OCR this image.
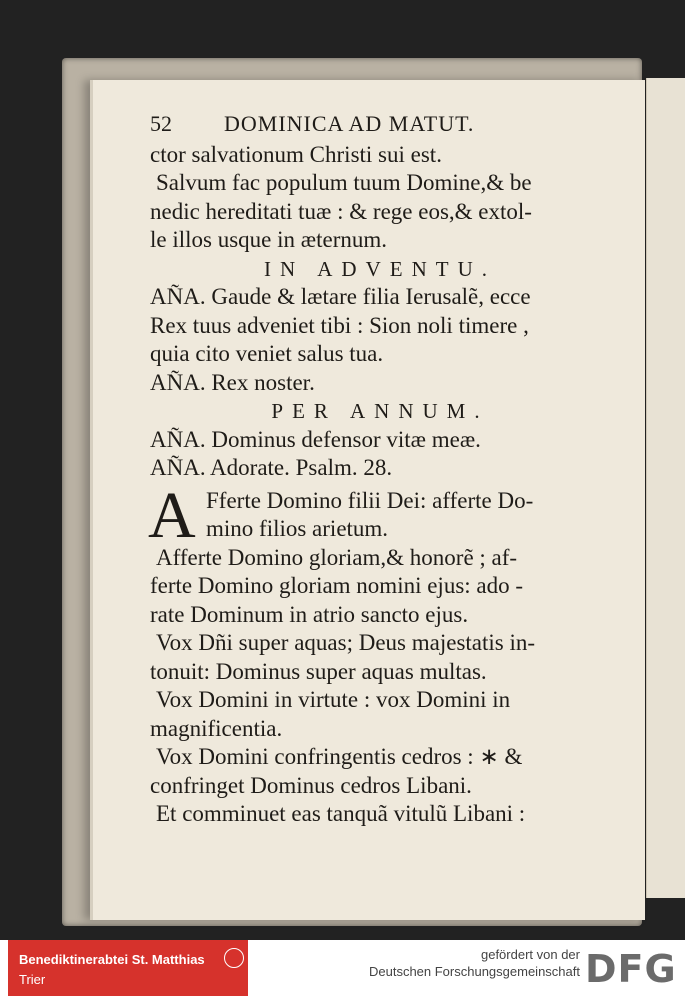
52	DOMINICA AD MATUT.
ctor salvationum Christi sui est.
Salvum fac populum tuum Domine,& be
nedic hereditati tuæ : & rege eos,& extol-
le illos usque in æternum.
IN ADVENTU.
AÑA. Gaude & lætare filia Ierusalẽ, ecce
Rex tuus adveniet tibi : Sion noli timere ,
quia cito veniet salus tua.
AÑA. Rex noster.
PER ANNUM.
AÑA. Dominus defensor vitæ meæ.
AÑA. Adorate. Psalm. 28.
A Fferte Domino filii Dei: afferte Do-
mino filios arietum.
Afferte Domino gloriam,& honorẽ ; af-
ferte Domino gloriam nomini ejus: ado -
rate Dominum in atrio sancto ejus.
Vox Dñi super aquas; Deus majestatis in-
tonuit: Dominus super aquas multas.
Vox Domini in virtute : vox Domini in
magnificentia.
Vox Domini confringentis cedros : ∗ &
confringet Dominus cedros Libani.
Et comminuet eas tanquã vitulũ Libani :
Benediktinerabtei St. Matthias
Trier
gefördert von der
Deutschen Forschungsgemeinschaft DFG
